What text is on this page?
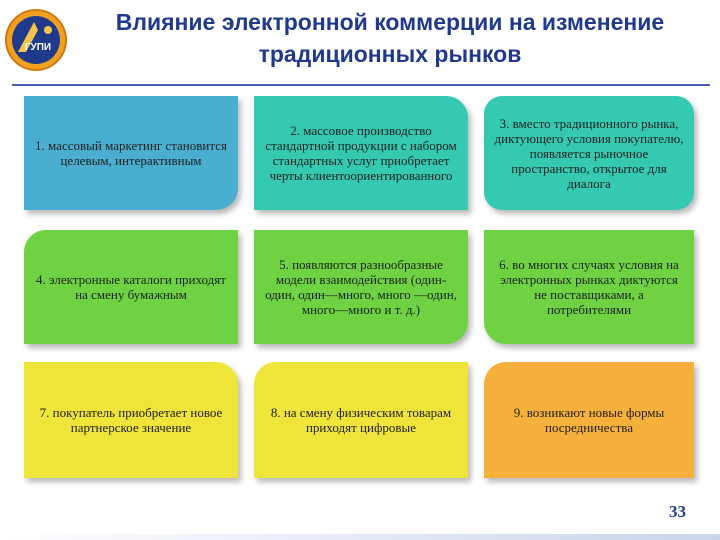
ГУПИ
Влияние электронной коммерции на изменение традиционных рынков
1. массовый маркетинг становится целевым, интерактивным
2. массовое производство стандартной продукции с набором стандартных услуг приобретает черты клиентоориентированного
3. вместо традиционного рынка, диктующего условия покупателю, появляется рыночное пространство, открытое для диалога
4. электронные каталоги приходят на смену бумажным
5. появляются разнообразные модели взаимодействия (один-один, один—много, много —один, много—много и т. д.)
6. во многих случаях условия на электронных рынках диктуются не поставщиками, а потребителями
7. покупатель приобретает новое партнерское значение
8. на смену физическим товарам приходят цифровые
9. возникают новые формы посредничества
33
